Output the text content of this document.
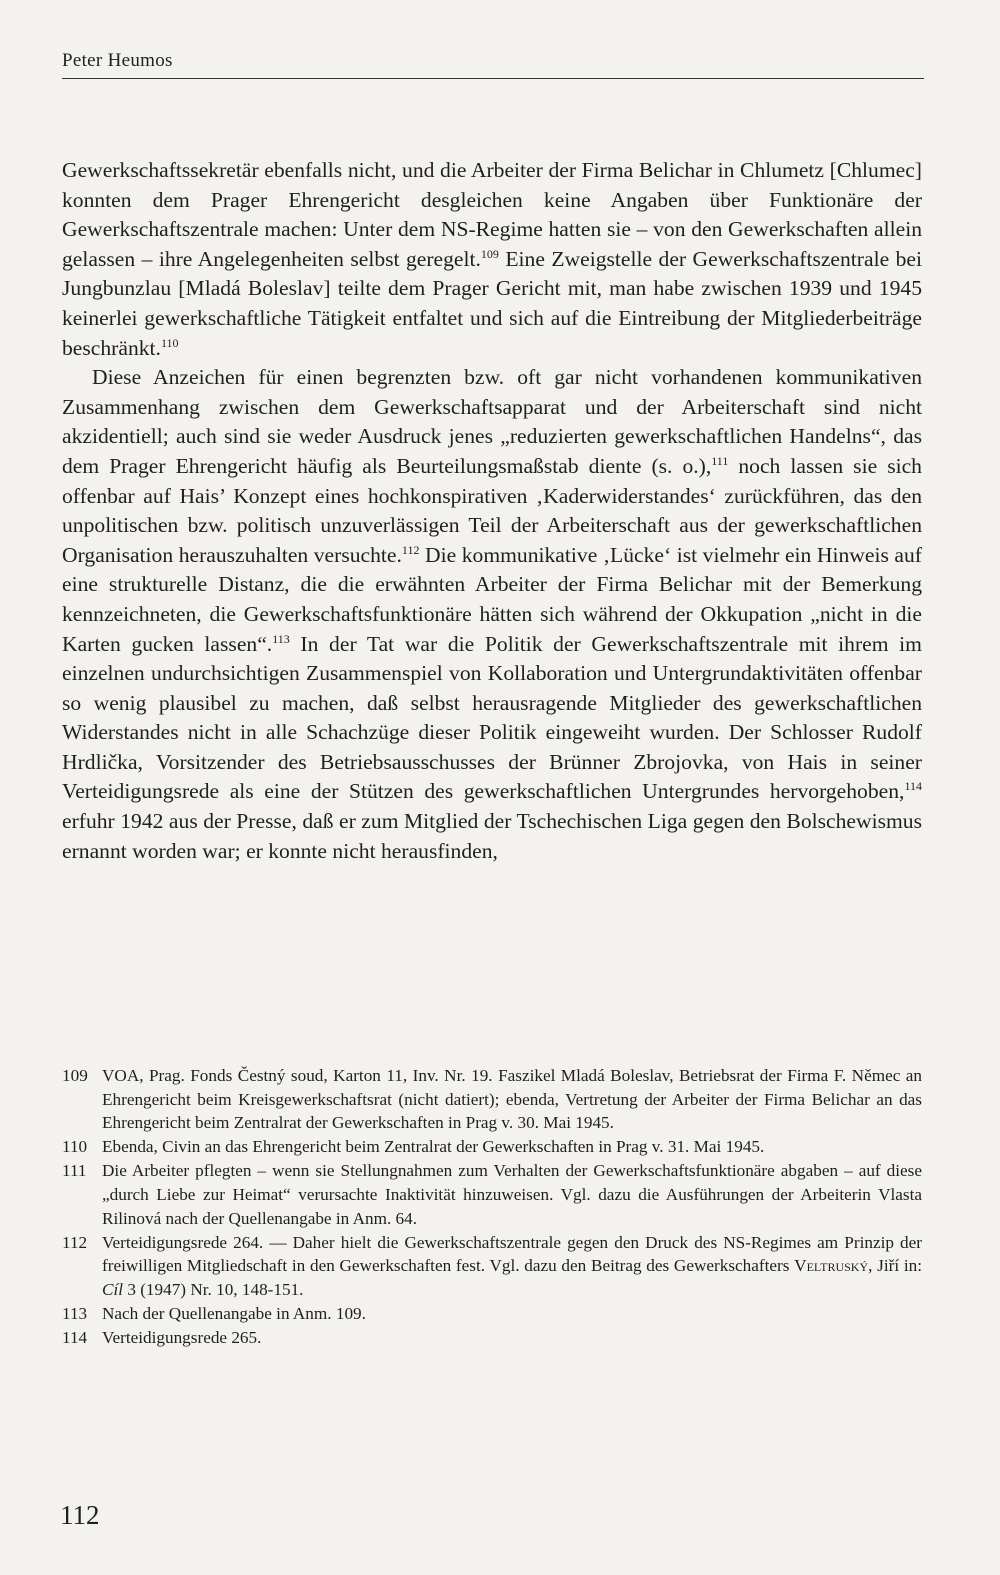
Peter Heumos

Gewerkschaftssekretär ebenfalls nicht, und die Arbeiter der Firma Belichar in Chlumetz [Chlumec] konnten dem Prager Ehrengericht desgleichen keine Angaben über Funktionäre der Gewerkschaftszentrale machen: Unter dem NS-Regime hatten sie – von den Gewerkschaften allein gelassen – ihre Angelegenheiten selbst geregelt.$^{109}$ Eine Zweigstelle der Gewerkschaftszentrale bei Jungbunzlau [Mladá Boleslav] teilte dem Prager Gericht mit, man habe zwischen 1939 und 1945 keinerlei gewerkschaftliche Tätigkeit entfaltet und sich auf die Eintreibung der Mitgliederbeiträge beschränkt.$^{110}$

Diese Anzeichen für einen begrenzten bzw. oft gar nicht vorhandenen kommunikativen Zusammenhang zwischen dem Gewerkschaftsapparat und der Arbeiterschaft sind nicht akzidentiell; auch sind sie weder Ausdruck jenes „reduzierten gewerkschaftlichen Handelns“, das dem Prager Ehrengericht häufig als Beurteilungsmaßstab diente (s. o.),$^{111}$ noch lassen sie sich offenbar auf Hais’ Konzept eines hochkonspirativen ‚Kaderwiderstandes‘ zurückführen, das den unpolitischen bzw. politisch unzuverlässigen Teil der Arbeiterschaft aus der gewerkschaftlichen Organisation herauszuhalten versuchte.$^{112}$ Die kommunikative ‚Lücke‘ ist vielmehr ein Hinweis auf eine strukturelle Distanz, die die erwähnten Arbeiter der Firma Belichar mit der Bemerkung kennzeichneten, die Gewerkschaftsfunktionäre hätten sich während der Okkupation „nicht in die Karten gucken lassen“.$^{113}$ In der Tat war die Politik der Gewerkschaftszentrale mit ihrem im einzelnen undurchsichtigen Zusammenspiel von Kollaboration und Untergrundaktivitäten offenbar so wenig plausibel zu machen, daß selbst herausragende Mitglieder des gewerkschaftlichen Widerstandes nicht in alle Schachzüge dieser Politik eingeweiht wurden. Der Schlosser Rudolf Hrdlička, Vorsitzender des Betriebsausschusses der Brünner Zbrojovka, von Hais in seiner Verteidigungsrede als eine der Stützen des gewerkschaftlichen Untergrundes hervorgehoben,$^{114}$ erfuhr 1942 aus der Presse, daß er zum Mitglied der Tschechischen Liga gegen den Bolschewismus ernannt worden war; er konnte nicht herausfinden,

109 VOA, Prag. Fonds Čestný soud, Karton 11, Inv. Nr. 19. Faszikel Mladá Boleslav, Betriebsrat der Firma F. Němec an Ehrengericht beim Kreisgewerkschaftsrat (nicht datiert); ebenda, Vertretung der Arbeiter der Firma Belichar an das Ehrengericht beim Zentralrat der Gewerkschaften in Prag v. 30. Mai 1945.
110 Ebenda, Civin an das Ehrengericht beim Zentralrat der Gewerkschaften in Prag v. 31. Mai 1945.
111 Die Arbeiter pflegten – wenn sie Stellungnahmen zum Verhalten der Gewerkschaftsfunktionäre abgaben – auf diese „durch Liebe zur Heimat“ verursachte Inaktivität hinzuweisen. Vgl. dazu die Ausführungen der Arbeiterin Vlasta Rilinová nach der Quellenangabe in Anm. 64.
112 Verteidigungsrede 264. — Daher hielt die Gewerkschaftszentrale gegen den Druck des NS-Regimes am Prinzip der freiwilligen Mitgliedschaft in den Gewerkschaften fest. Vgl. dazu den Beitrag des Gewerkschafters Veltruský, Jiří in: Cíl 3 (1947) Nr. 10, 148-151.
113 Nach der Quellenangabe in Anm. 109.
114 Verteidigungsrede 265.
112
